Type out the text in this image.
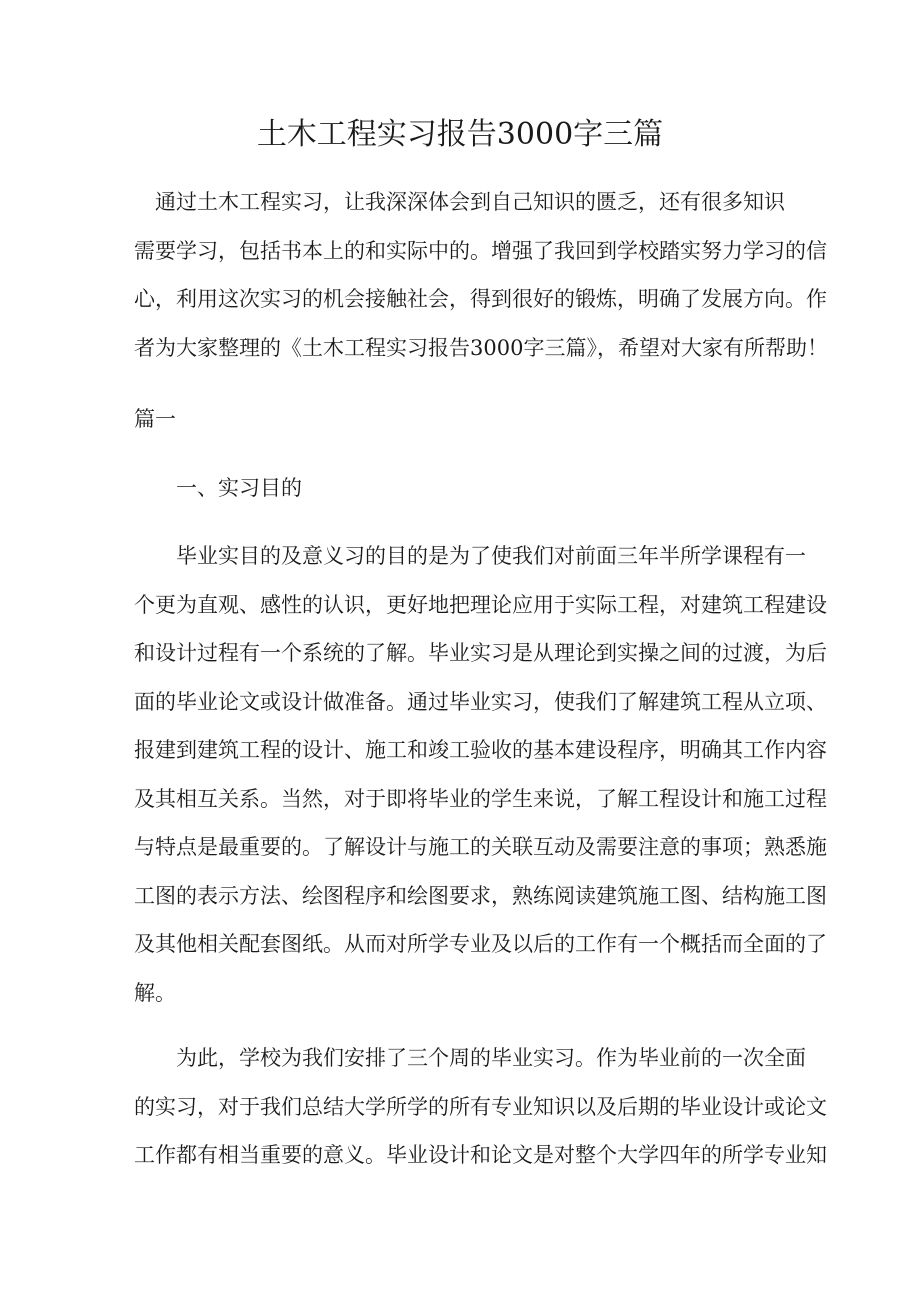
土木工程实习报告3000字三篇
　通过土木工程实习，让我深深体会到自己知识的匮乏，还有很多知识
需要学习，包括书本上的和实际中的。增强了我回到学校踏实努力学习的信
心，利用这次实习的机会接触社会，得到很好的锻炼，明确了发展方向。作
者为大家整理的《土木工程实习报告3000字三篇》，希望对大家有所帮助！
篇一
一、实习目的
　　毕业实目的及意义习的目的是为了使我们对前面三年半所学课程有一
个更为直观、感性的认识，更好地把理论应用于实际工程，对建筑工程建设
和设计过程有一个系统的了解。毕业实习是从理论到实操之间的过渡，为后
面的毕业论文或设计做准备。通过毕业实习，使我们了解建筑工程从立项、
报建到建筑工程的设计、施工和竣工验收的基本建设程序，明确其工作内容
及其相互关系。当然，对于即将毕业的学生来说，了解工程设计和施工过程
与特点是最重要的。了解设计与施工的关联互动及需要注意的事项；熟悉施
工图的表示方法、绘图程序和绘图要求，熟练阅读建筑施工图、结构施工图
及其他相关配套图纸。从而对所学专业及以后的工作有一个概括而全面的了
解。
　　为此，学校为我们安排了三个周的毕业实习。作为毕业前的一次全面
的实习，对于我们总结大学所学的所有专业知识以及后期的毕业设计或论文
工作都有相当重要的意义。毕业设计和论文是对整个大学四年的所学专业知
